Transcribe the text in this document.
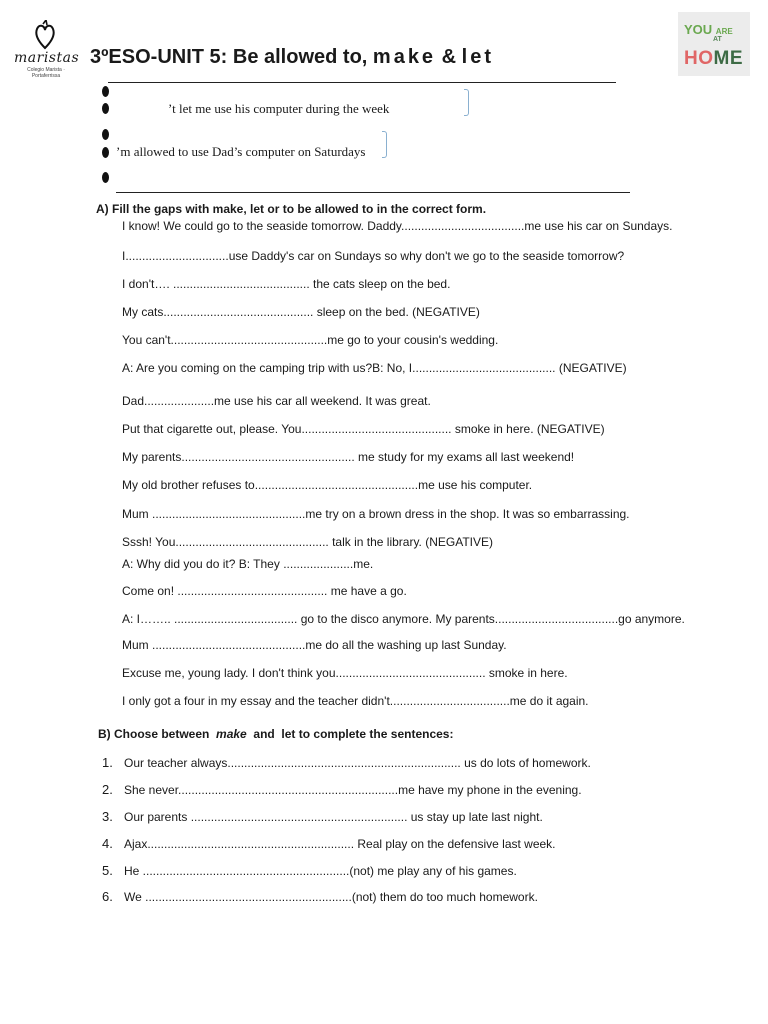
maristas
Colegio Marista · Portaferrissa
3ºESO-UNIT 5: Be allowed to, make & let
YOU ARE
AT
HOME
’t let me use his computer during the week
’m allowed to use Dad’s computer on Saturdays
A) Fill the gaps with make, let or to be allowed to in the correct form.
I know! We could go to the seaside tomorrow. Daddy.....................................me use his car on Sundays.
I...............................use Daddy's car on Sundays so why don't we go to the seaside tomorrow?
I don't…. ......................................... the cats sleep on the bed.
My cats............................................. sleep on the bed. (NEGATIVE)
You can't...............................................me go to your cousin's wedding.
A: Are you coming on the camping trip with us?B: No, I........................................... (NEGATIVE)
Dad.....................me use his car all weekend. It was great.
Put that cigarette out, please. You............................................. smoke in here. (NEGATIVE)
My parents.................................................... me study for my exams all last weekend!
My old brother refuses to.................................................me use his computer.
Mum ..............................................me try on a brown dress in the shop. It was so embarrassing.
Sssh! You.............................................. talk in the library. (NEGATIVE)
A: Why did you do it? B: They .....................me.
Come on! ............................................. me have a go.
A: I…….. ..................................... go to the disco anymore. My parents.....................................go anymore.
Mum ..............................................me do all the washing up last Sunday.
Excuse me, young lady. I don't think you............................................. smoke in here.
I only got a four in my essay and the teacher didn't....................................me do it again.
B) Choose between make and let to complete the sentences:
1. Our teacher always...................................................................... us do lots of homework.
2. She never..................................................................me have my phone in the evening.
3. Our parents ................................................................. us stay up late last night.
4. Ajax.............................................................. Real play on the defensive last week.
5. He ..............................................................(not) me play any of his games.
6. We ..............................................................(not) them do too much homework.
